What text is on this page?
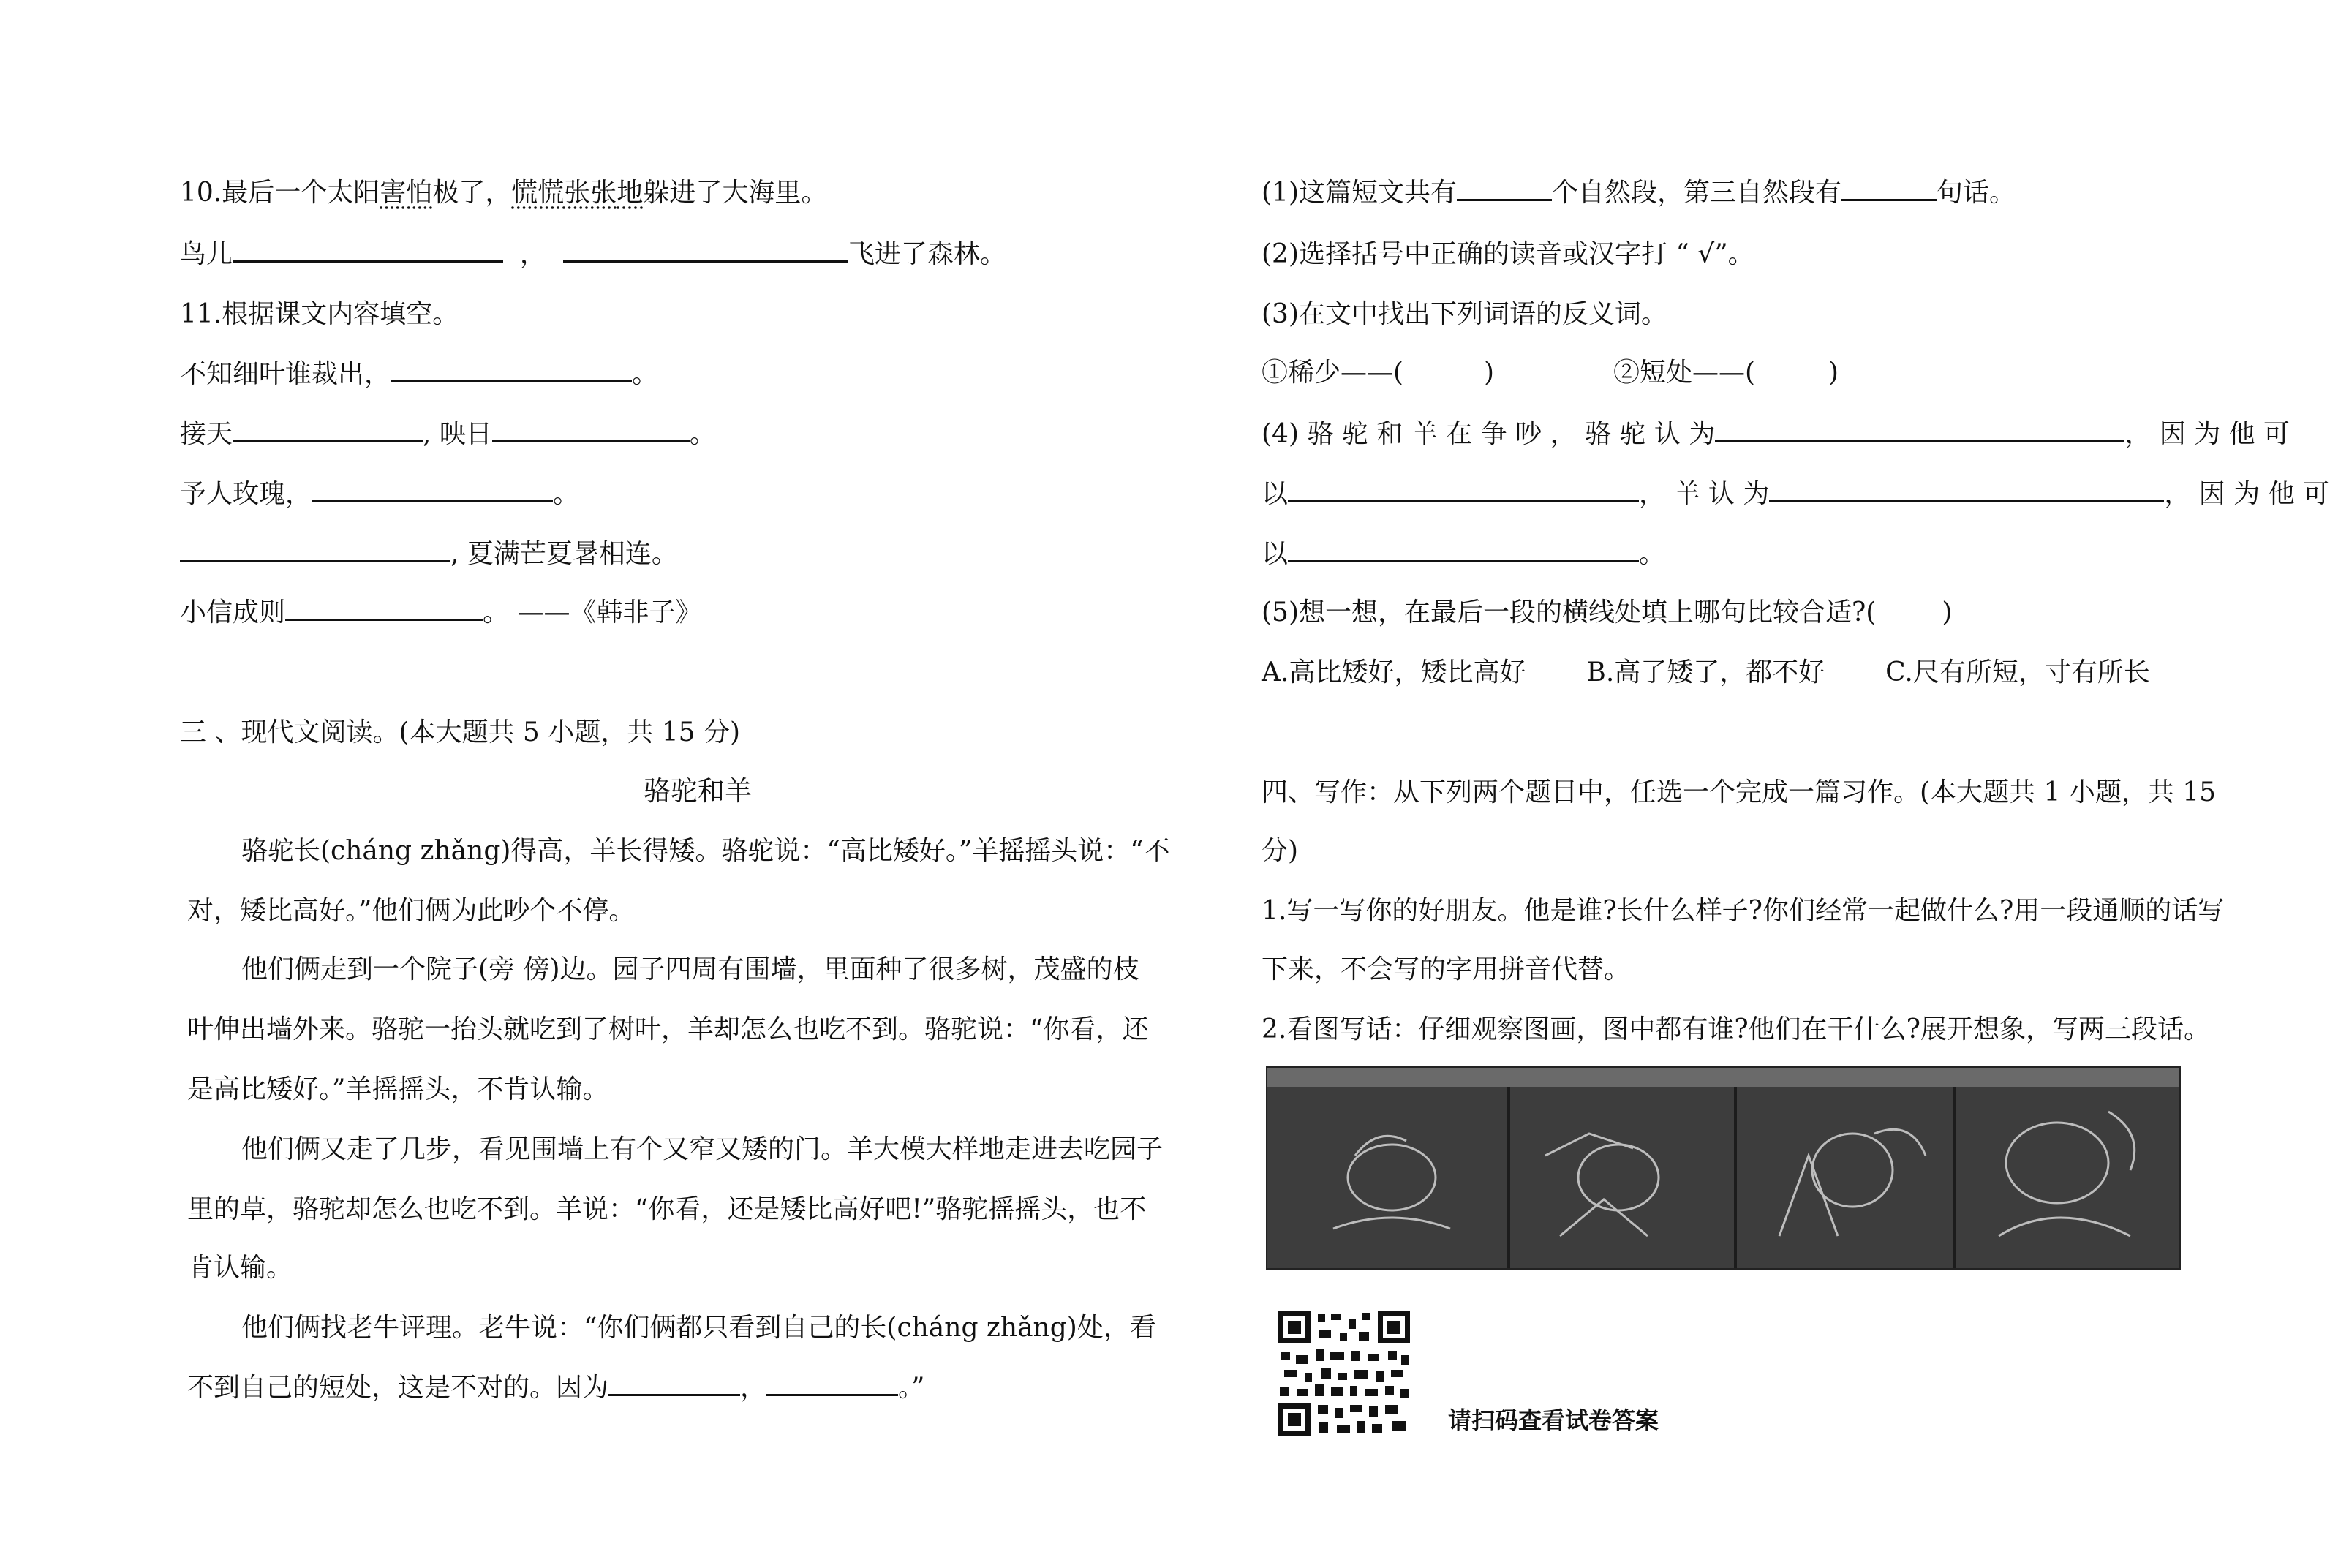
10.最后一个太阳害怕极了，慌慌张张地躲进了大海里。
鸟儿	，	飞进了森林。
11.根据课文内容填空。
不知细叶谁裁出，	。
接天	, 映日	。
予人玫瑰，	。
, 夏满芒夏暑相连。
小信成则	。 ——《韩非子》
三 、现代文阅读。(本大题共 5 小题，共 15 分)
骆驼和羊
骆驼长(cháng zhǎng)得高，羊长得矮。骆驼说：“高比矮好。”羊摇摇头说：“不
对，矮比高好。”他们俩为此吵个不停。
他们俩走到一个院子(旁 傍)边。园子四周有围墙，里面种了很多树，茂盛的枝
叶伸出墙外来。骆驼一抬头就吃到了树叶，羊却怎么也吃不到。骆驼说：“你看，还
是高比矮好。”羊摇摇头，不肯认输。
他们俩又走了几步，看见围墙上有个又窄又矮的门。羊大模大样地走进去吃园子
里的草，骆驼却怎么也吃不到。羊说：“你看，还是矮比高好吧!”骆驼摇摇头，也不
肯认输。
他们俩找老牛评理。老牛说：“你们俩都只看到自己的长(cháng zhǎng)处，看
不到自己的短处，这是不对的。因为	，	。”
(1)这篇短文共有	个自然段，第三自然段有	句话。
(2)选择括号中正确的读音或汉字打 “ √”。
(3)在文中找出下列词语的反义词。
①稀少——(	)	②短处——(	)
(4) 骆 驼 和 羊 在 争 吵 ， 骆 驼 认 为	， 因 为 他 可
以	， 羊 认 为	， 因 为 他 可
以	。
(5)想一想，在最后一段的横线处填上哪句比较合适?(	)
A.高比矮好，矮比高好 B.高了矮了，都不好 C.尺有所短，寸有所长
四、写作：从下列两个题目中，任选一个完成一篇习作。(本大题共 1 小题，共 15
分)
1.写一写你的好朋友。他是谁?长什么样子?你们经常一起做什么?用一段通顺的话写
下来，不会写的字用拼音代替。
2.看图写话：仔细观察图画，图中都有谁?他们在干什么?展开想象，写两三段话。
请扫码查看试卷答案
